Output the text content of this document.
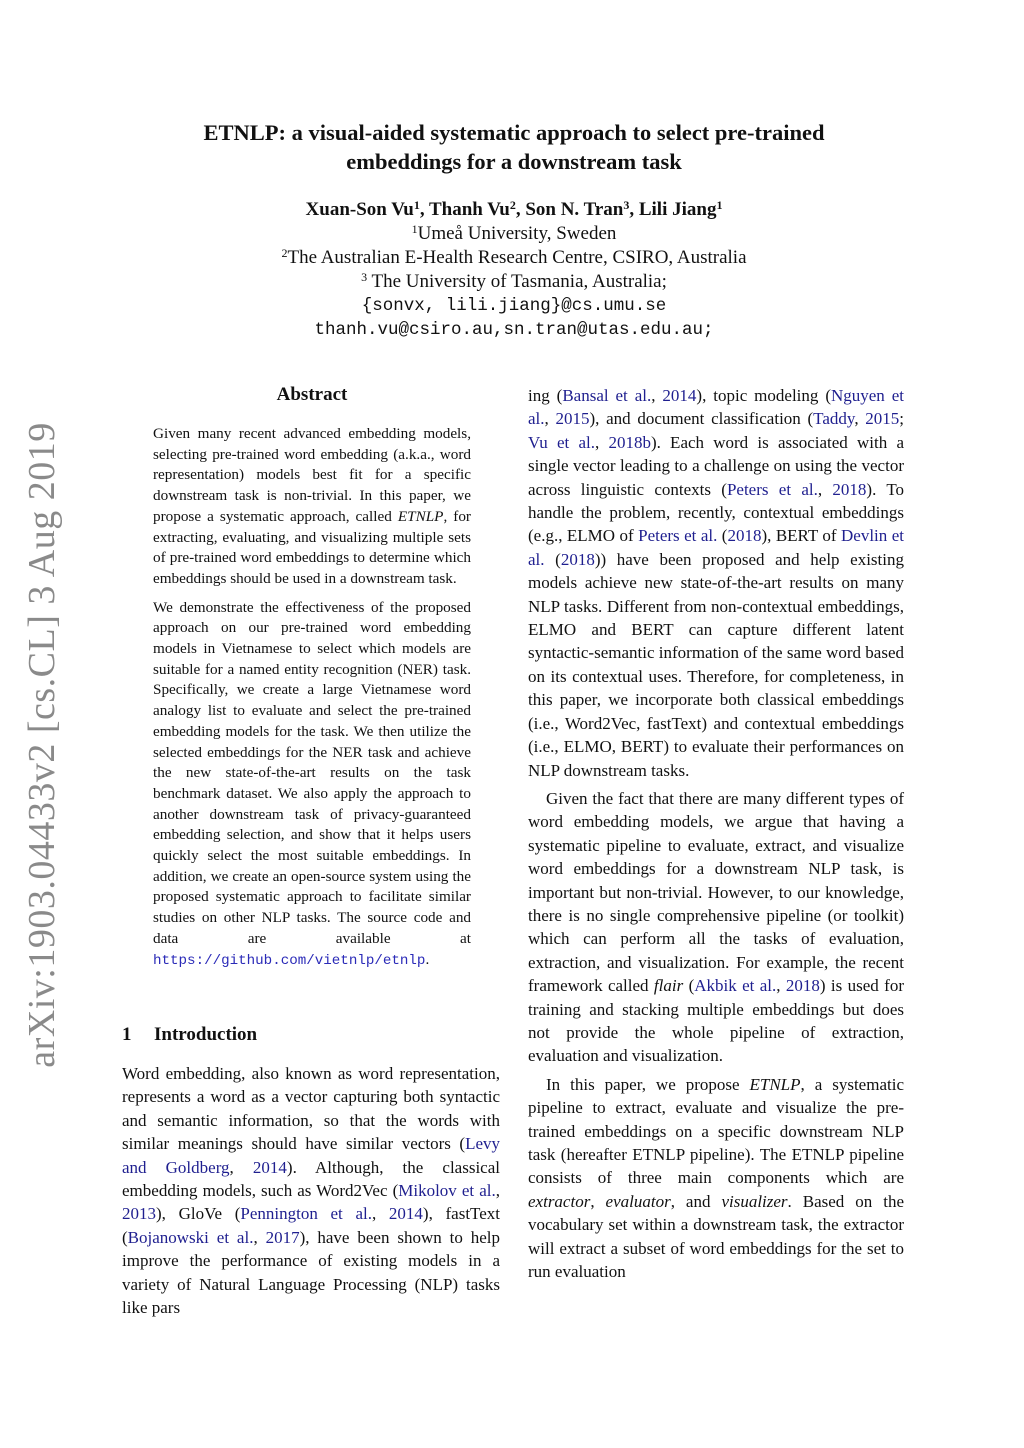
arXiv:1903.04433v2 [cs.CL] 3 Aug 2019
ETNLP: a visual-aided systematic approach to select pre-trained
embeddings for a downstream task
Xuan-Son Vu$^1$, Thanh Vu$^2$, Son N. Tran$^3$, Lili Jiang$^1$
$^1$Umeå University, Sweden
$^2$The Australian E-Health Research Centre, CSIRO, Australia
$^3$ The University of Tasmania, Australia;
{sonvx, lili.jiang}@cs.umu.se
thanh.vu@csiro.au,sn.tran@utas.edu.au;
Abstract

Given many recent advanced embedding models, selecting pre-trained word embedding (a.k.a., word representation) models best fit for a specific downstream task is non-trivial. In this paper, we propose a systematic approach, called ETNLP, for extracting, evaluating, and visualizing multiple sets of pre-trained word embeddings to determine which embeddings should be used in a downstream task.

We demonstrate the effectiveness of the proposed approach on our pre-trained word embedding models in Vietnamese to select which models are suitable for a named entity recognition (NER) task. Specifically, we create a large Vietnamese word analogy list to evaluate and select the pre-trained embedding models for the task. We then utilize the selected embeddings for the NER task and achieve the new state-of-the-art results on the task benchmark dataset. We also apply the approach to another downstream task of privacy-guaranteed embedding selection, and show that it helps users quickly select the most suitable embeddings. In addition, we create an open-source system using the proposed systematic approach to facilitate similar studies on other NLP tasks. The source code and data are available at https://github.com/vietnlp/etnlp.

1 Introduction

Word embedding, also known as word representation, represents a word as a vector capturing both syntactic and semantic information, so that the words with similar meanings should have similar vectors (Levy and Goldberg, 2014). Although, the classical embedding models, such as Word2Vec (Mikolov et al., 2013), GloVe (Pennington et al., 2014), fastText (Bojanowski et al., 2017), have been shown to help improve the performance of existing models in a variety of Natural Language Processing (NLP) tasks like pars

ing (Bansal et al., 2014), topic modeling (Nguyen et al., 2015), and document classification (Taddy, 2015; Vu et al., 2018b). Each word is associated with a single vector leading to a challenge on using the vector across linguistic contexts (Peters et al., 2018). To handle the problem, recently, contextual embeddings (e.g., ELMO of Peters et al. (2018), BERT of Devlin et al. (2018)) have been proposed and help existing models achieve new state-of-the-art results on many NLP tasks. Different from non-contextual embeddings, ELMO and BERT can capture different latent syntactic-semantic information of the same word based on its contextual uses. Therefore, for completeness, in this paper, we incorporate both classical embeddings (i.e., Word2Vec, fastText) and contextual embeddings (i.e., ELMO, BERT) to evaluate their performances on NLP downstream tasks.

Given the fact that there are many different types of word embedding models, we argue that having a systematic pipeline to evaluate, extract, and visualize word embeddings for a downstream NLP task, is important but non-trivial. However, to our knowledge, there is no single comprehensive pipeline (or toolkit) which can perform all the tasks of evaluation, extraction, and visualization. For example, the recent framework called flair (Akbik et al., 2018) is used for training and stacking multiple embeddings but does not provide the whole pipeline of extraction, evaluation and visualization.

In this paper, we propose ETNLP, a systematic pipeline to extract, evaluate and visualize the pre-trained embeddings on a specific downstream NLP task (hereafter ETNLP pipeline). The ETNLP pipeline consists of three main components which are extractor, evaluator, and visualizer. Based on the vocabulary set within a downstream task, the extractor will extract a subset of word embeddings for the set to run evaluation
